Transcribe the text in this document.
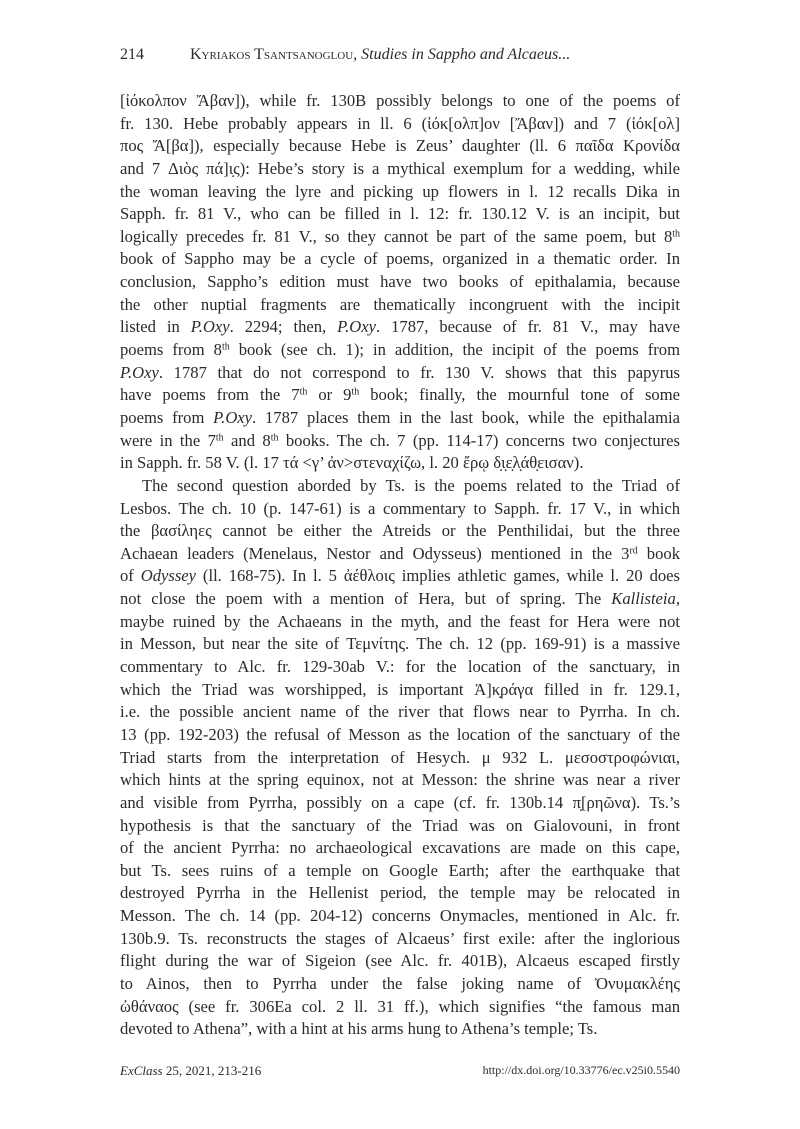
214	Kyriakos Tsantsanoglou, Studies in Sappho and Alcaeus...
[ἰόκολπον Ἄβαν]), while fr. 130B possibly belongs to one of the poems of
fr. 130. Hebe probably appears in ll. 6 (ἰόκ[ολπ]ον [Ἄβαν]) and 7 (ἰόκ[ολ]
πος Ἄ[βα]), especially because Hebe is Zeus’ daughter (ll. 6 παῖδα Κρονίδα
and 7 Διὸς πά]ι̣ς): Hebe’s story is a mythical exemplum for a wedding, while
the woman leaving the lyre and picking up flowers in l. 12 recalls Dika in
Sapph. fr. 81 V., who can be filled in l. 12: fr. 130.12 V. is an incipit, but
logically precedes fr. 81 V., so they cannot be part of the same poem, but 8th
book of Sappho may be a cycle of poems, organized in a thematic order. In
conclusion, Sappho’s edition must have two books of epithalamia, because
the other nuptial fragments are thematically incongruent with the incipit
listed in P.Oxy. 2294; then, P.Oxy. 1787, because of fr. 81 V., may have
poems from 8th book (see ch. 1); in addition, the incipit of the poems from
P.Oxy. 1787 that do not correspond to fr. 130 V. shows that this papyrus
have poems from the 7th or 9th book; finally, the mournful tone of some
poems from P.Oxy. 1787 places them in the last book, while the epithalamia
were in the 7th and 8th books. The ch. 7 (pp. 114-17) concerns two conjectures
in Sapph. fr. 58 V. (l. 17 τά <γ’ ἀν>στεναχίζω, l. 20 ἔρῳ δ̣ι̣ε̣λ̣άθ̣εισαν).
The second question aborded by Ts. is the poems related to the Triad of
Lesbos. The ch. 10 (p. 147-61) is a commentary to Sapph. fr. 17 V., in which
the βασίληες cannot be either the Atreids or the Penthilidai, but the three
Achaean leaders (Menelaus, Nestor and Odysseus) mentioned in the 3rd book
of Odyssey (ll. 168-75). In l. 5 ἀέθλοις implies athletic games, while l. 20 does
not close the poem with a mention of Hera, but of spring. The Kallisteia,
maybe ruined by the Achaeans in the myth, and the feast for Hera were not
in Messon, but near the site of Τεμνίτης. The ch. 12 (pp. 169-91) is a massive
commentary to Alc. fr. 129-30ab V.: for the location of the sanctuary, in
which the Triad was worshipped, is important Ἀ]κ̣ράγα filled in fr. 129.1,
i.e. the possible ancient name of the river that flows near to Pyrrha. In ch.
13 (pp. 192-203) the refusal of Messon as the location of the sanctuary of the
Triad starts from the interpretation of Hesych. μ 932 L. μεσοστροφώνιαι,
which hints at the spring equinox, not at Messon: the shrine was near a river
and visible from Pyrrha, possibly on a cape (cf. fr. 130b.14 π̣[ρηῶνα). Ts.’s
hypothesis is that the sanctuary of the Triad was on Gialovouni, in front
of the ancient Pyrrha: no archaeological excavations are made on this cape,
but Ts. sees ruins of a temple on Google Earth; after the earthquake that
destroyed Pyrrha in the Hellenist period, the temple may be relocated in
Messon. The ch. 14 (pp. 204-12) concerns Onymacles, mentioned in Alc. fr.
130b.9. Ts. reconstructs the stages of Alcaeus’ first exile: after the inglorious
flight during the war of Sigeion (see Alc. fr. 401B), Alcaeus escaped firstly
to Ainos, then to Pyrrha under the false joking name of Ὀνυμακλέης
ὠθάναος (see fr. 306Ea col. 2 ll. 31 ff.), which signifies “the famous man
devoted to Athena”, with a hint at his arms hung to Athena’s temple; Ts.
ExClass 25, 2021, 213-216	http://dx.doi.org/10.33776/ec.v25i0.5540
